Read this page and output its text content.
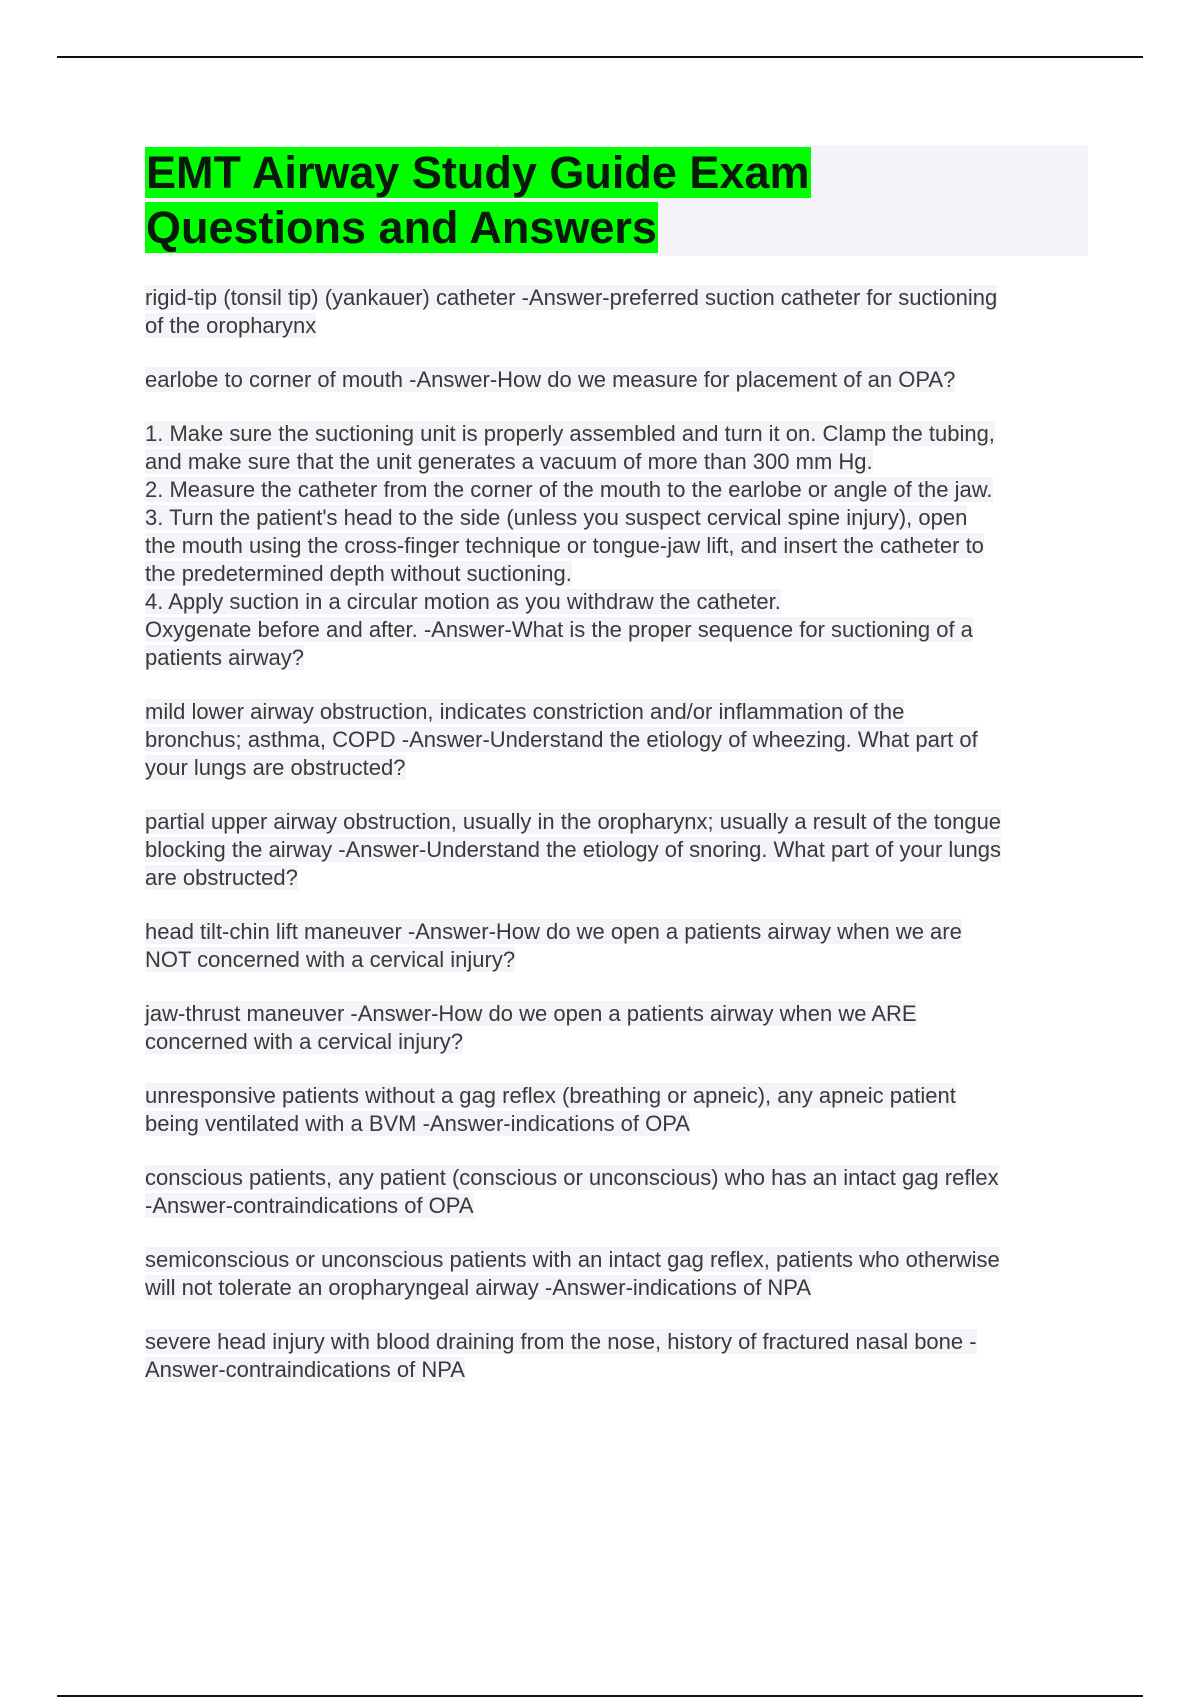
EMT Airway Study Guide Exam
Questions and Answers
rigid-tip (tonsil tip) (yankauer) catheter -Answer-preferred suction catheter for suctioning
of the oropharynx
earlobe to corner of mouth -Answer-How do we measure for placement of an OPA?
1. Make sure the suctioning unit is properly assembled and turn it on. Clamp the tubing,
and make sure that the unit generates a vacuum of more than 300 mm Hg.
2. Measure the catheter from the corner of the mouth to the earlobe or angle of the jaw.
3. Turn the patient's head to the side (unless you suspect cervical spine injury), open
the mouth using the cross-finger technique or tongue-jaw lift, and insert the catheter to
the predetermined depth without suctioning.
4. Apply suction in a circular motion as you withdraw the catheter.
Oxygenate before and after. -Answer-What is the proper sequence for suctioning of a
patients airway?
mild lower airway obstruction, indicates constriction and/or inflammation of the
bronchus; asthma, COPD -Answer-Understand the etiology of wheezing. What part of
your lungs are obstructed?
partial upper airway obstruction, usually in the oropharynx; usually a result of the tongue
blocking the airway -Answer-Understand the etiology of snoring. What part of your lungs
are obstructed?
head tilt-chin lift maneuver -Answer-How do we open a patients airway when we are
NOT concerned with a cervical injury?
jaw-thrust maneuver -Answer-How do we open a patients airway when we ARE
concerned with a cervical injury?
unresponsive patients without a gag reflex (breathing or apneic), any apneic patient
being ventilated with a BVM -Answer-indications of OPA
conscious patients, any patient (conscious or unconscious) who has an intact gag reflex
-Answer-contraindications of OPA
semiconscious or unconscious patients with an intact gag reflex, patients who otherwise
will not tolerate an oropharyngeal airway -Answer-indications of NPA
severe head injury with blood draining from the nose, history of fractured nasal bone -
Answer-contraindications of NPA
